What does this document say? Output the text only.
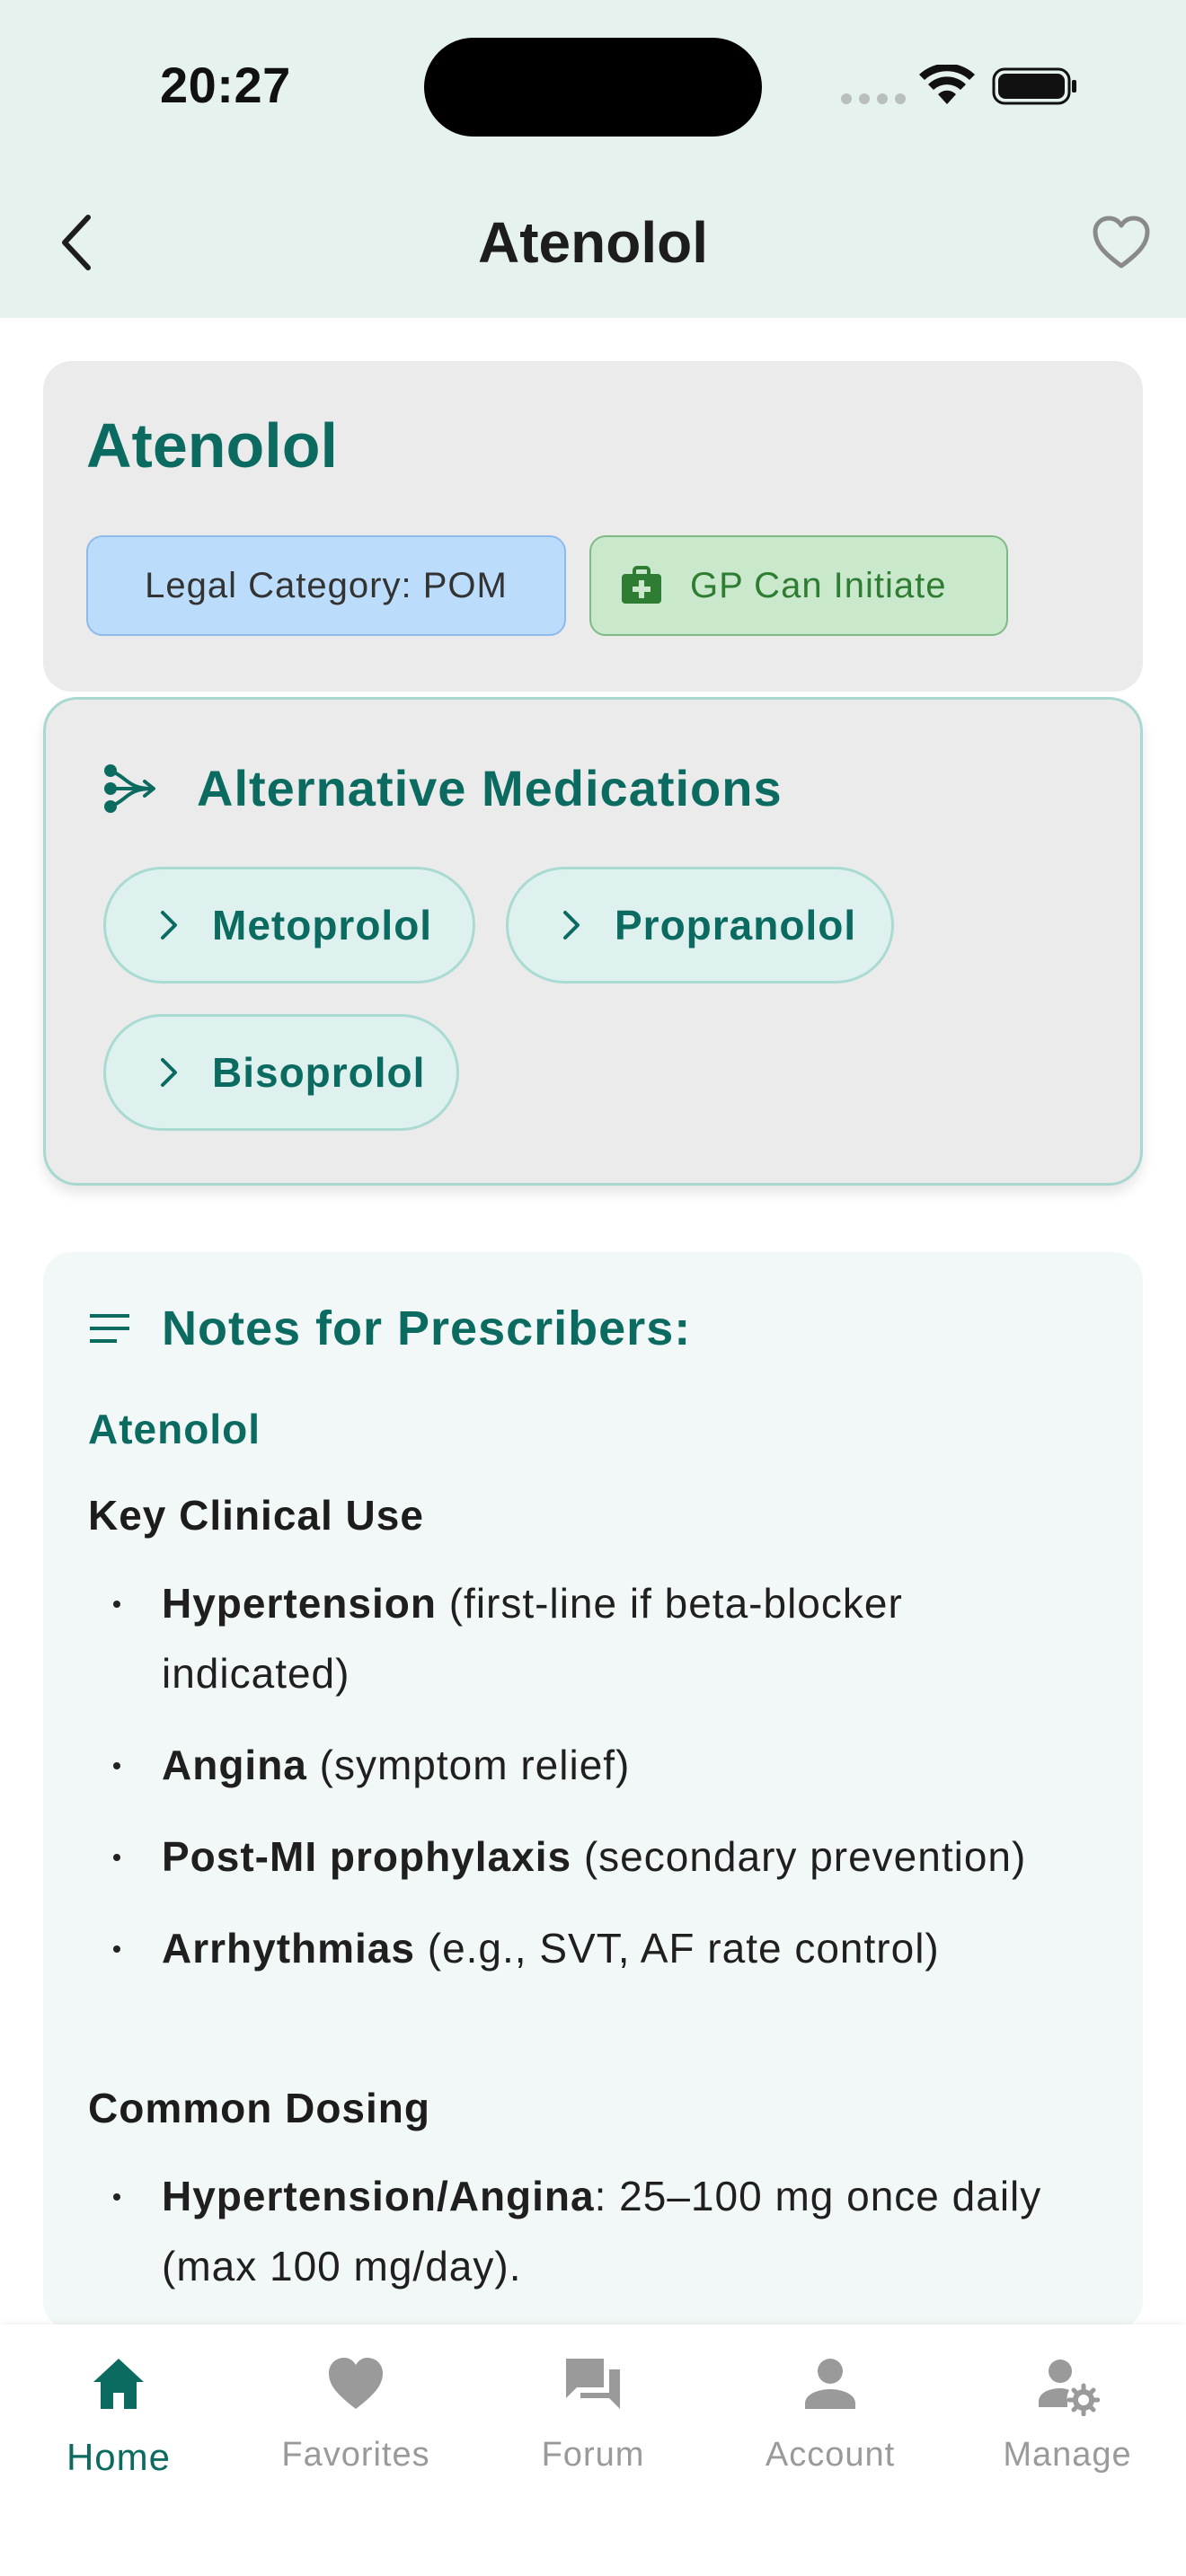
20:27
Atenolol
Atenolol
Legal Category: POM	GP Can Initiate
Alternative Medications
Metoprolol	Propranolol
Bisoprolol
Notes for Prescribers:
Atenolol
Key Clinical Use
Hypertension (first-line if beta-blocker indicated)
Angina (symptom relief)
Post-MI prophylaxis (secondary prevention)
Arrhythmias (e.g., SVT, AF rate control)
Common Dosing
Hypertension/Angina: 25–100 mg once daily (max 100 mg/day).
Home	Favorites	Forum	Account	Manage
